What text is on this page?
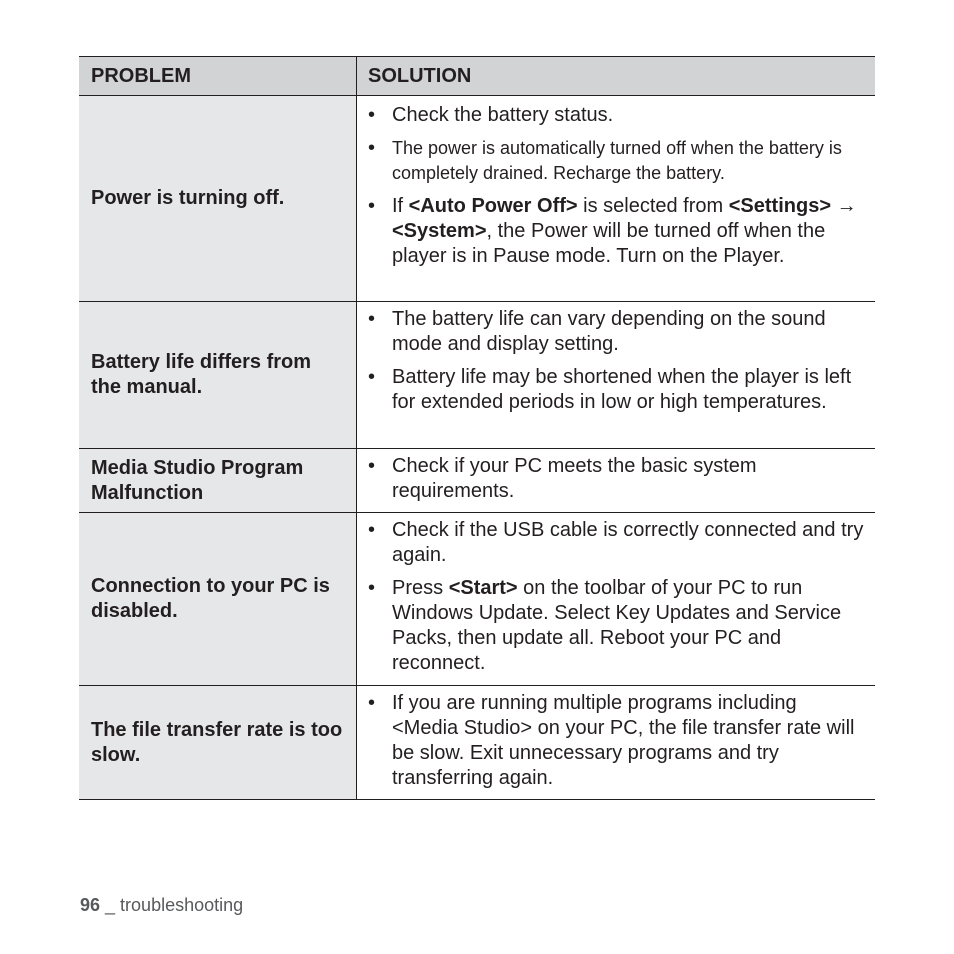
PROBLEM	SOLUTION
Power is turning off.

• Check the battery status.

• The power is automatically turned off when the battery is completely drained. Recharge the battery.

• If <Auto Power Off> is selected from <Settings> → <System>, the Power will be turned off when the player is in Pause mode. Turn on the Player.

Battery life differs from the manual.

• The battery life can vary depending on the sound mode and display setting.

• Battery life may be shortened when the player is left for extended periods in low or high temperatures.

Media Studio Program Malfunction

• Check if your PC meets the basic system requirements.

Connection to your PC is disabled.

• Check if the USB cable is correctly connected and try again.

• Press <Start> on the toolbar of your PC to run Windows Update. Select Key Updates and Service Packs, then update all. Reboot your PC and reconnect.

The file transfer rate is too slow.

• If you are running multiple programs including <Media Studio> on your PC, the file transfer rate will be slow. Exit unnecessary programs and try transferring again.

96 _ troubleshooting
